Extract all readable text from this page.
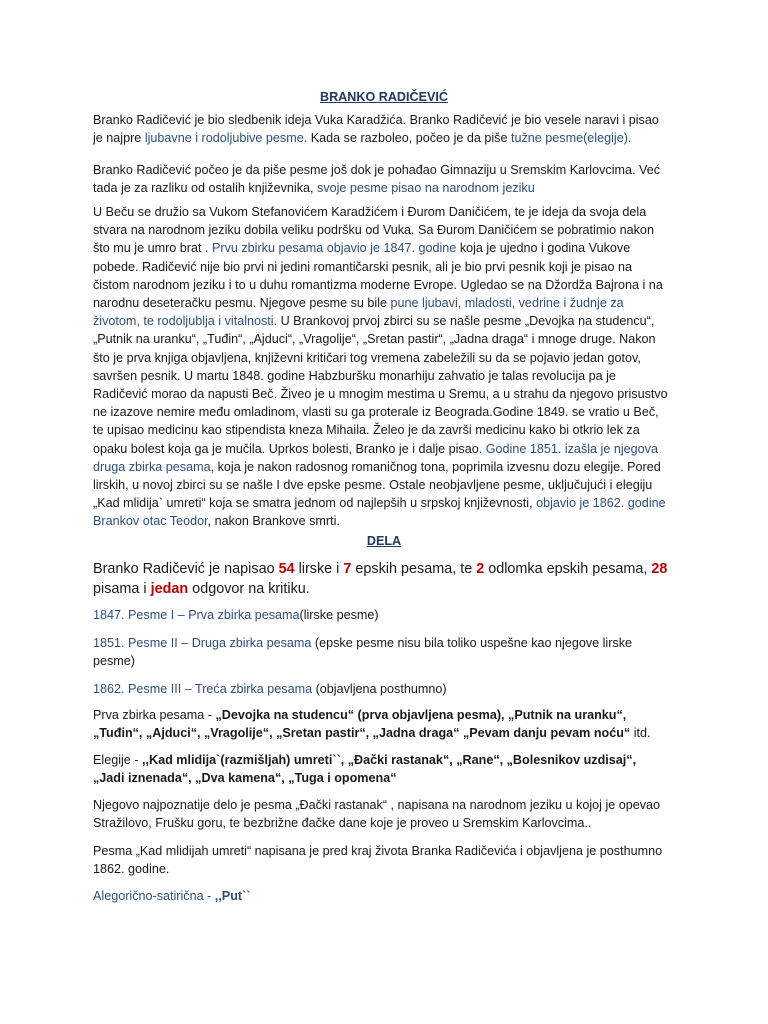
BRANKO RADIČEVIĆ

Branko Radičević je bio sledbenik ideja Vuka Karadžića. Branko Radičević je bio vesele naravi i pisao je najpre ljubavne i rodoljubive pesme. Kada se razboleo, počeo je da piše tužne pesme(elegije).

Branko Radičević počeo je da piše pesme još dok je pohađao Gimnaziju u Sremskim Karlovcima. Već tada je za razliku od ostalih književnika, svoje pesme pisao na narodnom jeziku

U Beču se družio sa Vukom Stefanovićem Karadžićem i Đurom Daničićem, te je ideja da svoja dela stvara na narodnom jeziku dobila veliku podršku od Vuka. Sa Đurom Daničićem se pobratimio nakon što mu je umro brat . Prvu zbirku pesama objavio je 1847. godine koja je ujedno i godina Vukove pobede. Radičević nije bio prvi ni jedini romantičarski pesnik, ali je bio prvi pesnik koji je pisao na čistom narodnom jeziku i to u duhu romantizma moderne Evrope. Ugledao se na Džordža Bajrona i na narodnu deseteračku pesmu. Njegove pesme su bile pune ljubavi, mladosti, vedrine i žudnje za životom, te rodoljublja i vitalnosti. U Brankovoj prvoj zbirci su se našle pesme „Devojka na studencu“, „Putnik na uranku“, „Tuđin“, „Ajduci“, „Vragolije“, „Sretan pastir“, „Jadna draga“ i mnoge druge. Nakon što je prva knjiga objavljena, književni kritičari tog vremena zabeležili su da se pojavio jedan gotov, savršen pesnik. U martu 1848. godine Habzburšku monarhiju zahvatio je talas revolucija pa je Radičević morao da napusti Beč. Živeo je u mnogim mestima u Sremu, a u strahu da njegovo prisustvo ne izazove nemire među omladinom, vlasti su ga proterale iz Beograda.Godine 1849. se vratio u Beč, te upisao medicinu kao stipendista kneza Mihaila. Želeo je da završi medicinu kako bi otkrio lek za opaku bolest koja ga je mučila. Uprkos bolesti, Branko je i dalje pisao. Godine 1851. izašla je njegova druga zbirka pesama, koja je nakon radosnog romaničnog tona, poprimila izvesnu dozu elegije. Pored lirskih, u novoj zbirci su se našle I dve epske pesme. Ostale neobjavljene pesme, uključujući i elegiju „Kad mlidija` umreti“ koja se smatra jednom od najlepših u srpskoj književnosti, objavio je 1862. godine Brankov otac Teodor, nakon Brankove smrti.

DELA

Branko Radičević je napisao 54 lirske i 7 epskih pesama, te 2 odlomka epskih pesama, 28 pisama i jedan odgovor na kritiku.

1847. Pesme I – Prva zbirka pesama(lirske pesme)

1851. Pesme II – Druga zbirka pesama (epske pesme nisu bila toliko uspešne kao njegove lirske pesme)

1862. Pesme III – Treća zbirka pesama (objavljena posthumno)

Prva zbirka pesama - „Devojka na studencu“ (prva objavljena pesma), „Putnik na uranku“, „Tuđin“, „Ajduci“, „Vragolije“, „Sretan pastir“, „Jadna draga“ „Pevam danju pevam noću“ itd.

Elegije - ,,Kad mlidija`(razmišljah) umreti``, „Đački rastanak“, „Rane“, „Bolesnikov uzdisaj“, „Jadi iznenada“, „Dva kamena“, „Tuga i opomena“

Njegovo najpoznatije delo je pesma „Đački rastanak“ , napisana na narodnom jeziku u kojoj je opevao Stražilovo, Frušku goru, te bezbrižne đačke dane koje je proveo u Sremskim Karlovcima..

Pesma „Kad mlidijah umreti“ napisana je pred kraj života Branka Radičevića i objavljena je posthumno 1862. godine.

Alegorično-satirična - ,,Put``
